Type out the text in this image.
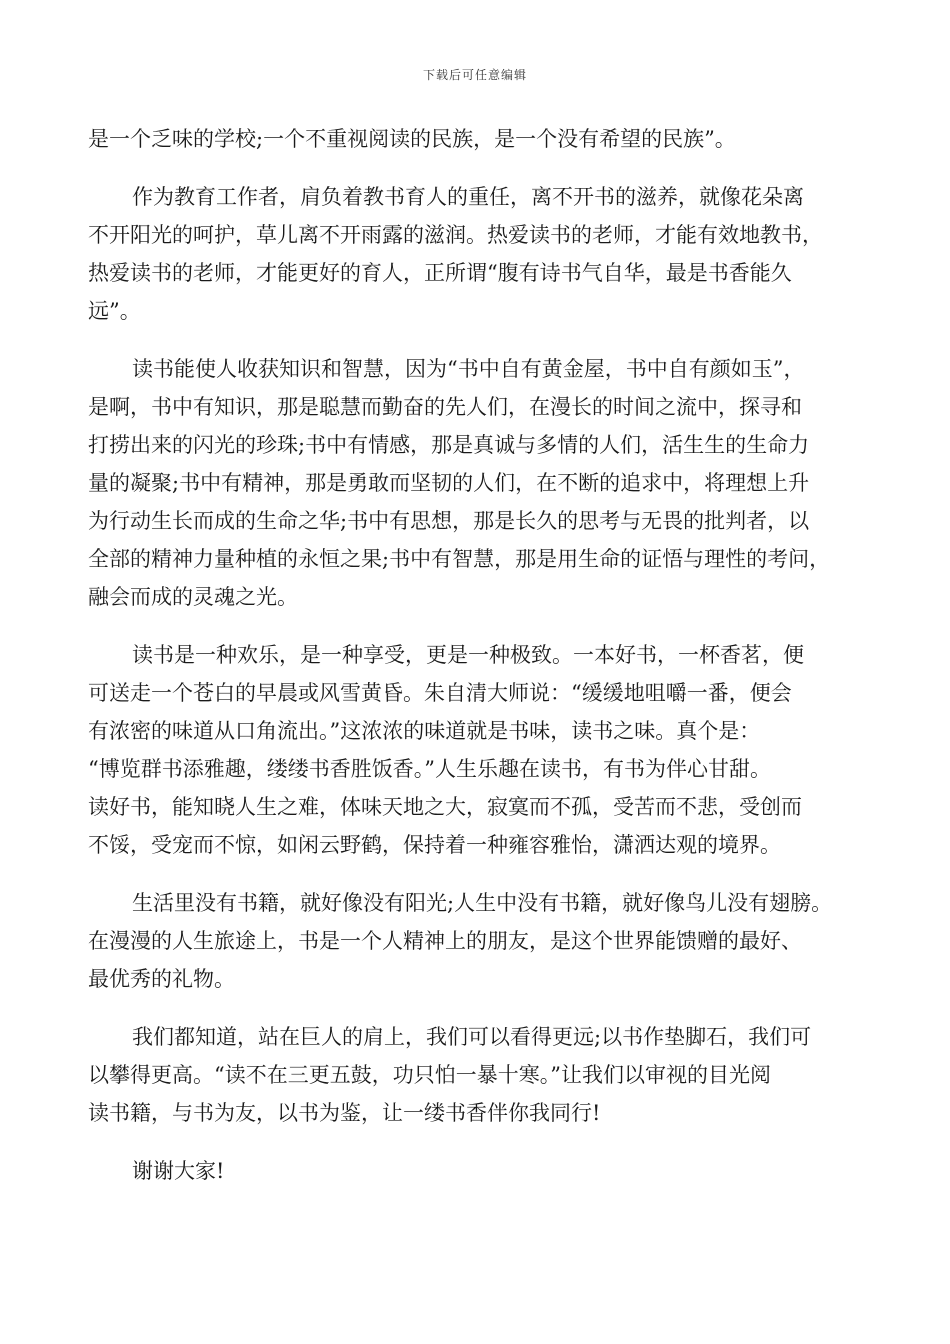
下载后可任意编辑

是一个乏味的学校;一个不重视阅读的民族，是一个没有希望的民族”。

作为教育工作者，肩负着教书育人的重任，离不开书的滋养，就像花朵离
不开阳光的呵护，草儿离不开雨露的滋润。热爱读书的老师，才能有效地教书，
热爱读书的老师，才能更好的育人，正所谓“腹有诗书气自华，最是书香能久
远”。

读书能使人收获知识和智慧，因为“书中自有黄金屋，书中自有颜如玉”，
是啊，书中有知识，那是聪慧而勤奋的先人们，在漫长的时间之流中，探寻和
打捞出来的闪光的珍珠;书中有情感，那是真诚与多情的人们，活生生的生命力
量的凝聚;书中有精神，那是勇敢而坚韧的人们，在不断的追求中，将理想上升
为行动生长而成的生命之华;书中有思想，那是长久的思考与无畏的批判者，以
全部的精神力量种植的永恒之果;书中有智慧，那是用生命的证悟与理性的考问，
融会而成的灵魂之光。

读书是一种欢乐，是一种享受，更是一种极致。一本好书，一杯香茗，便
可送走一个苍白的早晨或风雪黄昏。朱自清大师说：“缓缓地咀嚼一番，便会
有浓密的味道从口角流出。”这浓浓的味道就是书味，读书之味。真个是：
“博览群书添雅趣，缕缕书香胜饭香。”人生乐趣在读书，有书为伴心甘甜。
读好书，能知晓人生之难，体味天地之大，寂寞而不孤，受苦而不悲，受创而
不馁，受宠而不惊，如闲云野鹤，保持着一种雍容雅怡，潇洒达观的境界。

生活里没有书籍，就好像没有阳光;人生中没有书籍，就好像鸟儿没有翅膀。
在漫漫的人生旅途上，书是一个人精神上的朋友，是这个世界能馈赠的最好、
最优秀的礼物。

我们都知道，站在巨人的肩上，我们可以看得更远;以书作垫脚石，我们可
以攀得更高。“读不在三更五鼓，功只怕一暴十寒。”让我们以审视的目光阅
读书籍，与书为友，以书为鉴，让一缕书香伴你我同行!

谢谢大家!
